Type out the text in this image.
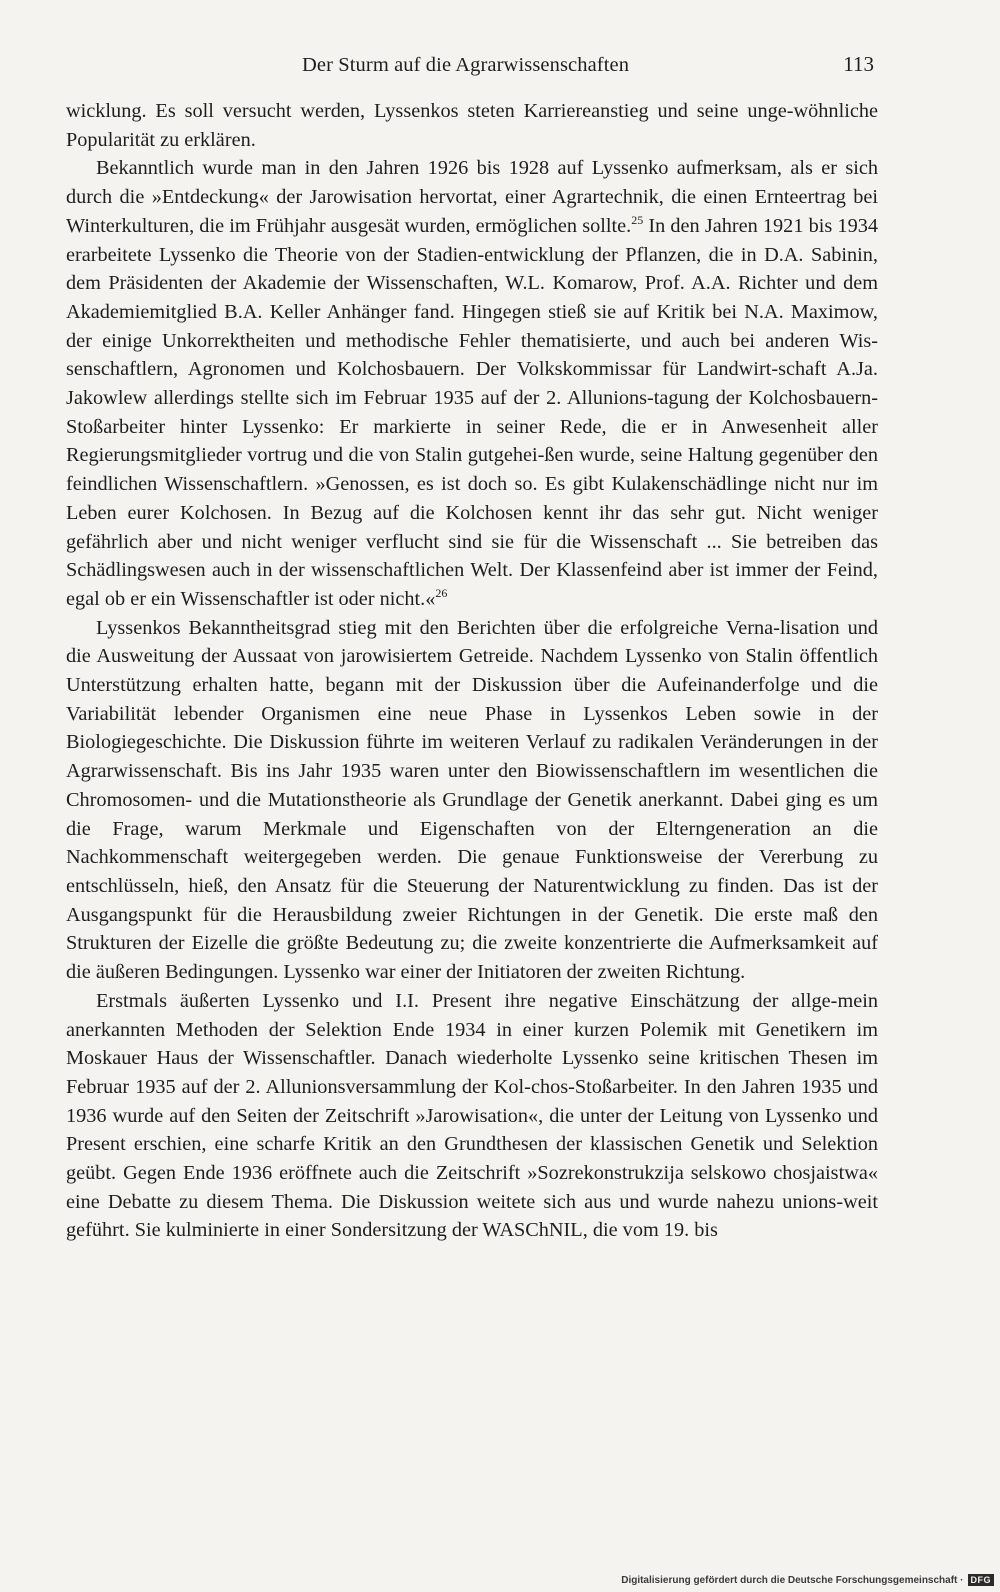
Der Sturm auf die Agrarwissenschaften	113

wicklung. Es soll versucht werden, Lyssenkos steten Karriereanstieg und seine unge-wöhnliche Popularität zu erklären.

Bekanntlich wurde man in den Jahren 1926 bis 1928 auf Lyssenko aufmerksam, als er sich durch die »Entdeckung« der Jarowisation hervortat, einer Agrartechnik, die einen Ernteertrag bei Winterkulturen, die im Frühjahr ausgesät wurden, ermöglichen sollte.$^{25}$ In den Jahren 1921 bis 1934 erarbeitete Lyssenko die Theorie von der Stadien-entwicklung der Pflanzen, die in D.A. Sabinin, dem Präsidenten der Akademie der Wissenschaften, W.L. Komarow, Prof. A.A. Richter und dem Akademiemitglied B.A. Keller Anhänger fand. Hingegen stieß sie auf Kritik bei N.A. Maximow, der einige Unkorrektheiten und methodische Fehler thematisierte, und auch bei anderen Wis-senschaftlern, Agronomen und Kolchosbauern. Der Volkskommissar für Landwirt-schaft A.Ja. Jakowlew allerdings stellte sich im Februar 1935 auf der 2. Allunions-tagung der Kolchosbauern-Stoßarbeiter hinter Lyssenko: Er markierte in seiner Rede, die er in Anwesenheit aller Regierungsmitglieder vortrug und die von Stalin gutgehei-ßen wurde, seine Haltung gegenüber den feindlichen Wissenschaftlern. »Genossen, es ist doch so. Es gibt Kulakenschädlinge nicht nur im Leben eurer Kolchosen. In Bezug auf die Kolchosen kennt ihr das sehr gut. Nicht weniger gefährlich aber und nicht weniger verflucht sind sie für die Wissenschaft ... Sie betreiben das Schädlingswesen auch in der wissenschaftlichen Welt. Der Klassenfeind aber ist immer der Feind, egal ob er ein Wissenschaftler ist oder nicht.«$^{26}$

Lyssenkos Bekanntheitsgrad stieg mit den Berichten über die erfolgreiche Verna-lisation und die Ausweitung der Aussaat von jarowisiertem Getreide. Nachdem Lyssenko von Stalin öffentlich Unterstützung erhalten hatte, begann mit der Diskussion über die Aufeinanderfolge und die Variabilität lebender Organismen eine neue Phase in Lyssenkos Leben sowie in der Biologiegeschichte. Die Diskussion führte im weiteren Verlauf zu radikalen Veränderungen in der Agrarwissenschaft. Bis ins Jahr 1935 waren unter den Biowissenschaftlern im wesentlichen die Chromosomen- und die Mutationstheorie als Grundlage der Genetik anerkannt. Dabei ging es um die Frage, warum Merkmale und Eigenschaften von der Elterngeneration an die Nachkommenschaft weitergegeben werden. Die genaue Funktionsweise der Vererbung zu entschlüsseln, hieß, den Ansatz für die Steuerung der Naturentwicklung zu finden. Das ist der Ausgangspunkt für die Herausbildung zweier Richtungen in der Genetik. Die erste maß den Strukturen der Eizelle die größte Bedeutung zu; die zweite konzentrierte die Aufmerksamkeit auf die äußeren Bedingungen. Lyssenko war einer der Initiatoren der zweiten Richtung.

Erstmals äußerten Lyssenko und I.I. Present ihre negative Einschätzung der allge-mein anerkannten Methoden der Selektion Ende 1934 in einer kurzen Polemik mit Genetikern im Moskauer Haus der Wissenschaftler. Danach wiederholte Lyssenko seine kritischen Thesen im Februar 1935 auf der 2. Allunionsversammlung der Kol-chos-Stoßarbeiter. In den Jahren 1935 und 1936 wurde auf den Seiten der Zeitschrift »Jarowisation«, die unter der Leitung von Lyssenko und Present erschien, eine scharfe Kritik an den Grundthesen der klassischen Genetik und Selektion geübt. Gegen Ende 1936 eröffnete auch die Zeitschrift »Sozrekonstrukzija selskowo chosjaistwa« eine Debatte zu diesem Thema. Die Diskussion weitete sich aus und wurde nahezu unions-weit geführt. Sie kulminierte in einer Sondersitzung der WASChNIL, die vom 19. bis

Digitalisierung gefördert durch die Deutsche Forschungsgemeinschaft · DFG
